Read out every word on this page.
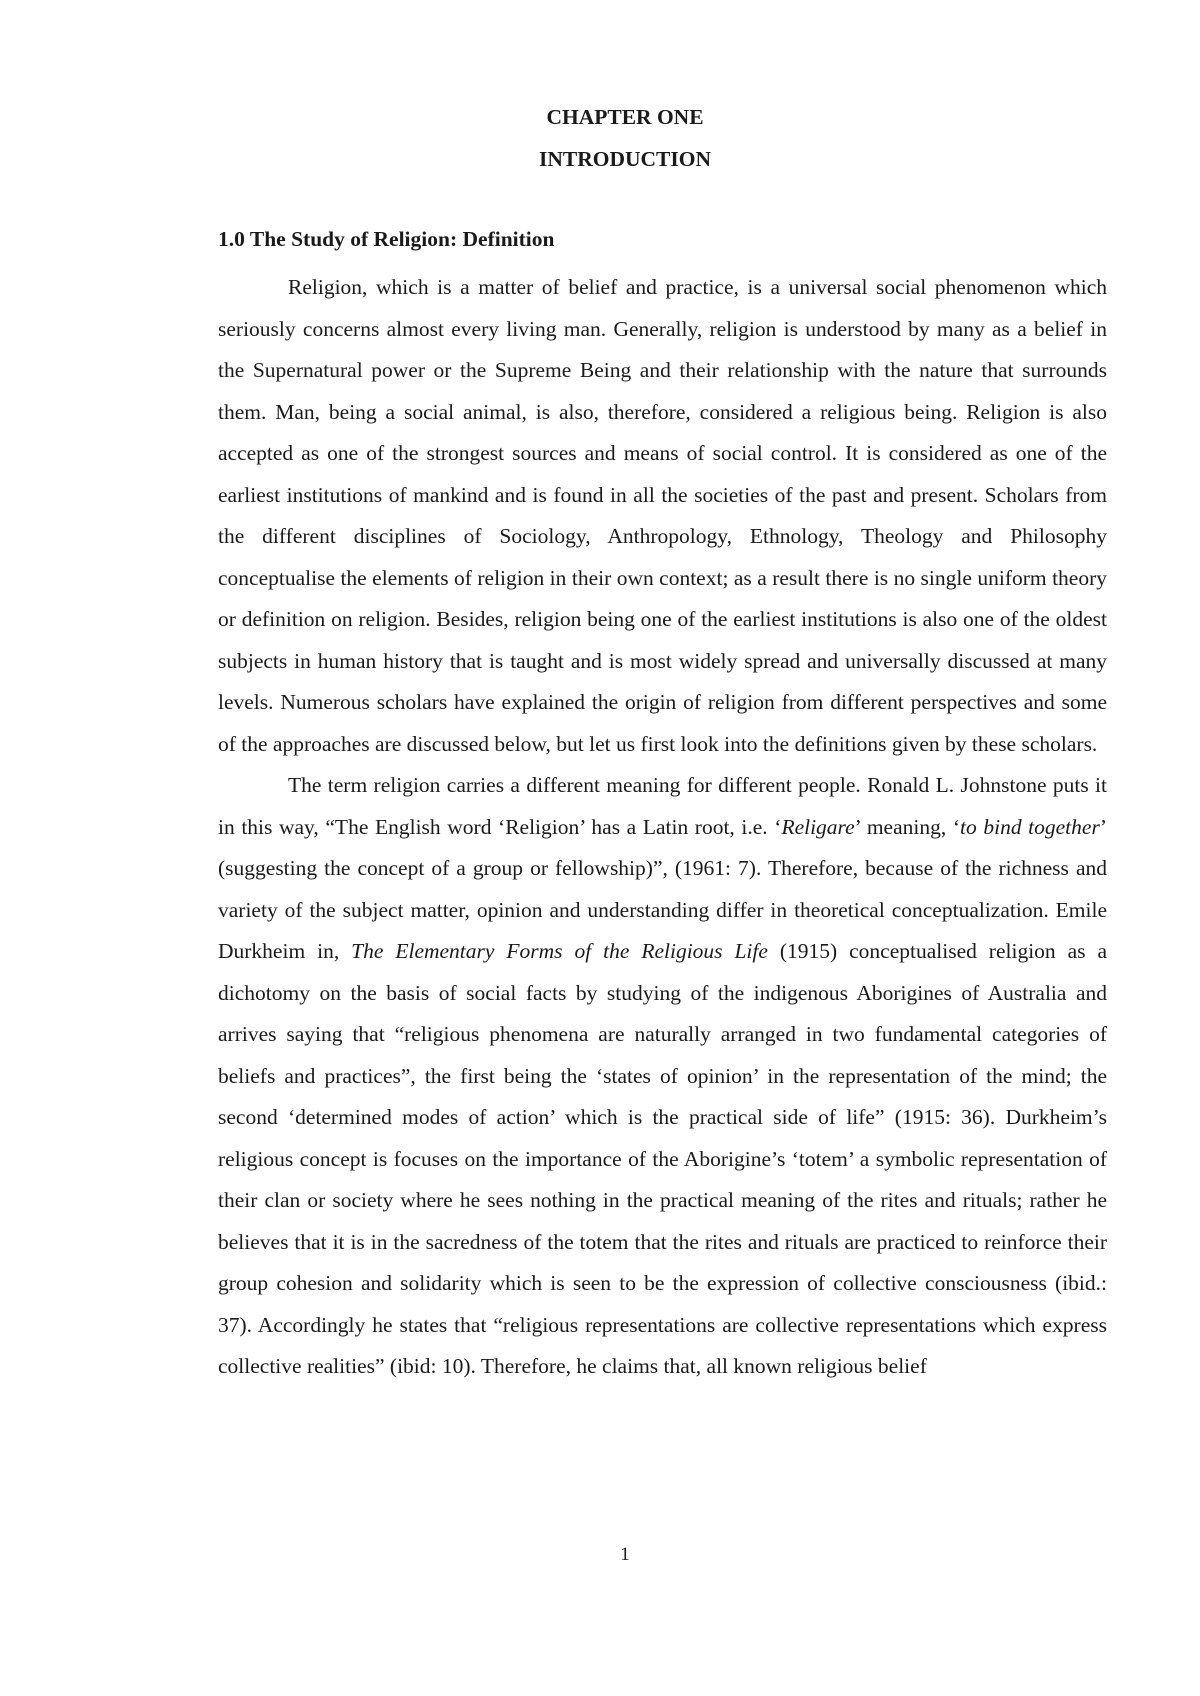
CHAPTER ONE
INTRODUCTION
1.0 The Study of Religion: Definition

Religion, which is a matter of belief and practice, is a universal social phenomenon which seriously concerns almost every living man. Generally, religion is understood by many as a belief in the Supernatural power or the Supreme Being and their relationship with the nature that surrounds them. Man, being a social animal, is also, therefore, considered a religious being. Religion is also accepted as one of the strongest sources and means of social control. It is considered as one of the earliest institutions of mankind and is found in all the societies of the past and present. Scholars from the different disciplines of Sociology, Anthropology, Ethnology, Theology and Philosophy conceptualise the elements of religion in their own context; as a result there is no single uniform theory or definition on religion. Besides, religion being one of the earliest institutions is also one of the oldest subjects in human history that is taught and is most widely spread and universally discussed at many levels. Numerous scholars have explained the origin of religion from different perspectives and some of the approaches are discussed below, but let us first look into the definitions given by these scholars.

The term religion carries a different meaning for different people. Ronald L. Johnstone puts it in this way, “The English word ‘Religion’ has a Latin root, i.e. ‘Religare’ meaning, ‘to bind together’ (suggesting the concept of a group or fellowship)”, (1961: 7). Therefore, because of the richness and variety of the subject matter, opinion and understanding differ in theoretical conceptualization. Emile Durkheim in, The Elementary Forms of the Religious Life (1915) conceptualised religion as a dichotomy on the basis of social facts by studying of the indigenous Aborigines of Australia and arrives saying that “religious phenomena are naturally arranged in two fundamental categories of beliefs and practices”, the first being the ‘states of opinion’ in the representation of the mind; the second ‘determined modes of action’ which is the practical side of life” (1915: 36). Durkheim’s religious concept is focuses on the importance of the Aborigine’s ‘totem’ a symbolic representation of their clan or society where he sees nothing in the practical meaning of the rites and rituals; rather he believes that it is in the sacredness of the totem that the rites and rituals are practiced to reinforce their group cohesion and solidarity which is seen to be the expression of collective consciousness (ibid.: 37). Accordingly he states that “religious representations are collective representations which express collective realities” (ibid: 10). Therefore, he claims that, all known religious belief

1
